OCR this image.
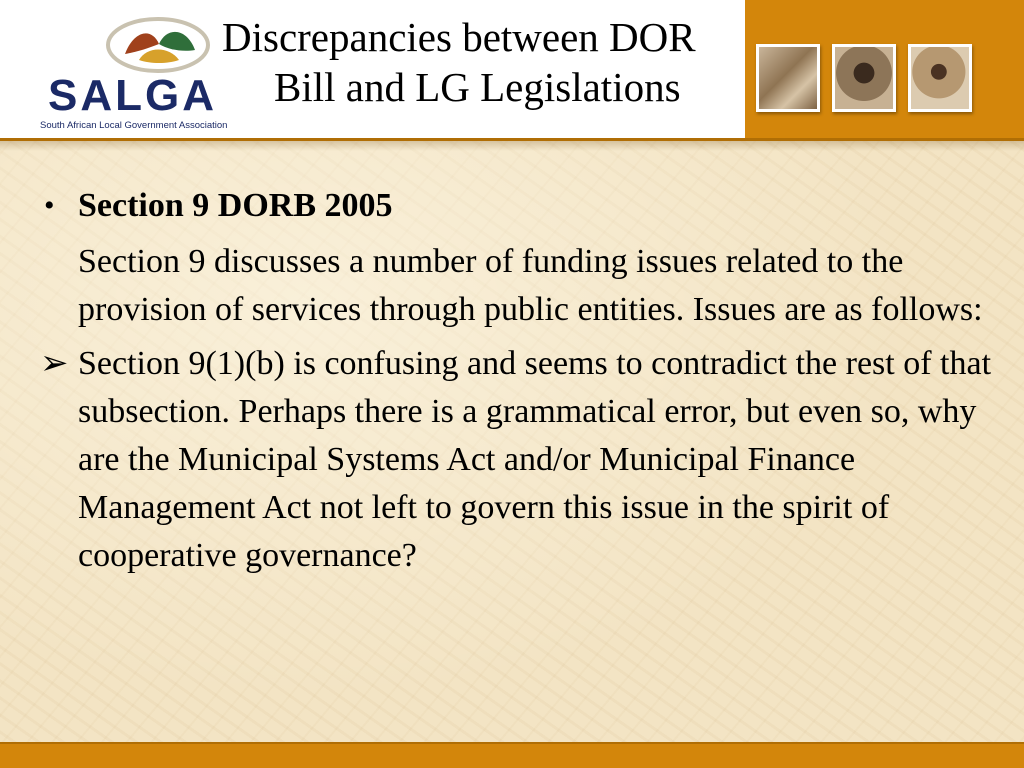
SALGA
South African Local Government Association
Discrepancies between DOR
Bill and LG Legislations
• Section 9 DORB 2005
Section 9 discusses a number of funding issues related to the provision of services through public entities. Issues are as follows:
➢ Section 9(1)(b) is confusing and seems to contradict the rest of that subsection. Perhaps there is a grammatical error, but even so, why are the Municipal Systems Act and/or Municipal Finance Management Act not left to govern this issue in the spirit of cooperative governance?
